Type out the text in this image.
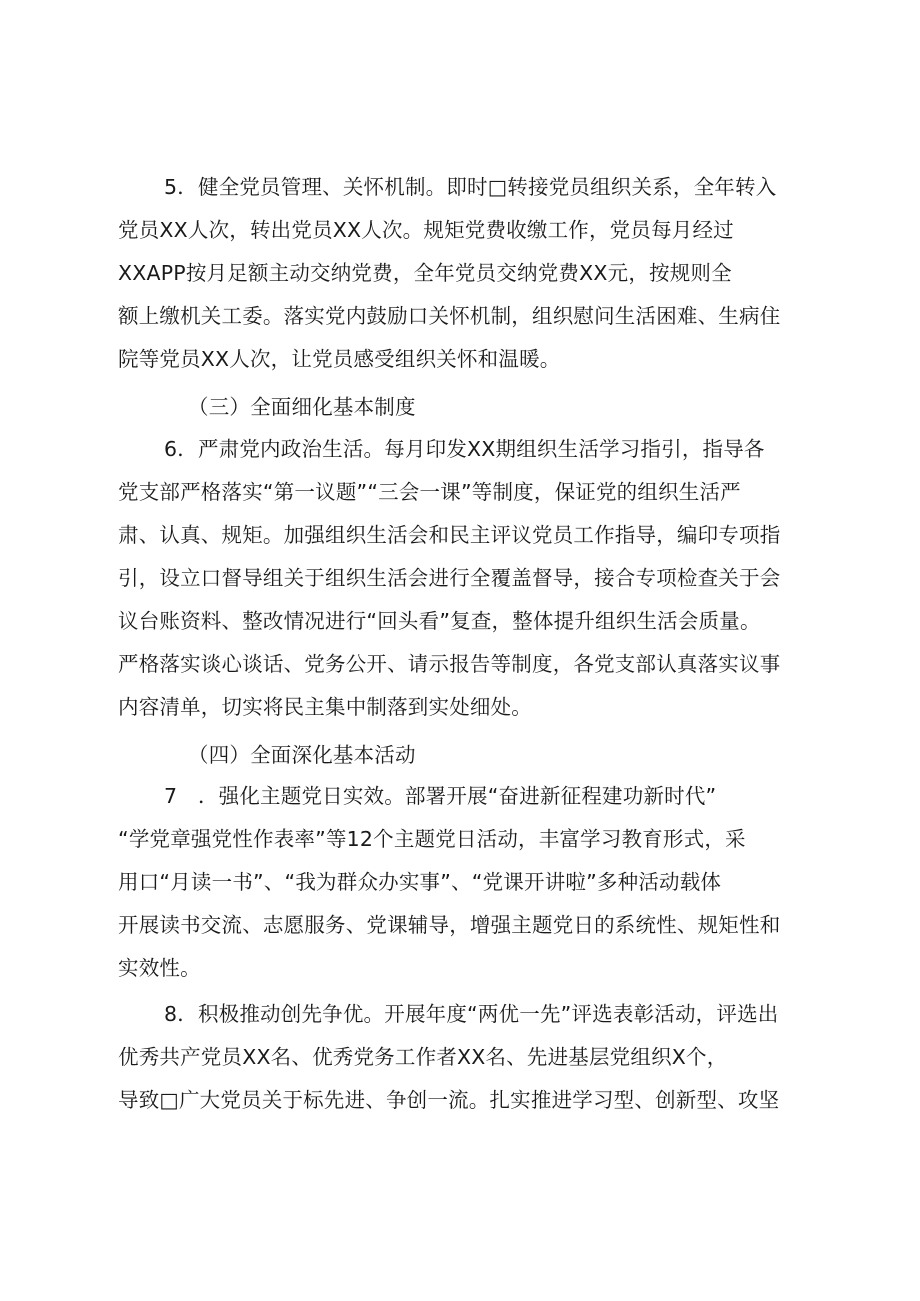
5．健全党员管理、关怀机制。即时□转接党员组织关系，全年转入
党员XX人次，转出党员XX人次。规矩党费收缴工作，党员每月经过
XXAPP按月足额主动交纳党费，全年党员交纳党费XX元，按规则全
额上缴机关工委。落实党内鼓励口关怀机制，组织慰问生活困难、生病住
院等党员XX人次，让党员感受组织关怀和温暖。
（三）全面细化基本制度
6．严肃党内政治生活。每月印发XX期组织生活学习指引，指导各
党支部严格落实“第一议题”“三会一课”等制度，保证党的组织生活严
肃、认真、规矩。加强组织生活会和民主评议党员工作指导，编印专项指
引，设立口督导组关于组织生活会进行全覆盖督导，接合专项检查关于会
议台账资料、整改情况进行“回头看”复查，整体提升组织生活会质量。
严格落实谈心谈话、党务公开、请示报告等制度，各党支部认真落实议事
内容清单，切实将民主集中制落到实处细处。
（四）全面深化基本活动
7　．强化主题党日实效。部署开展“奋进新征程建功新时代”
“学党章强党性作表率”等12个主题党日活动，丰富学习教育形式，采
用口“月读一书”、“我为群众办实事”、“党课开讲啦”多种活动载体
开展读书交流、志愿服务、党课辅导，增强主题党日的系统性、规矩性和
实效性。
8．积极推动创先争优。开展年度“两优一先”评选表彰活动，评选出
优秀共产党员XX名、优秀党务工作者XX名、先进基层党组织X个，
导致□广大党员关于标先进、争创一流。扎实推进学习型、创新型、攻坚
